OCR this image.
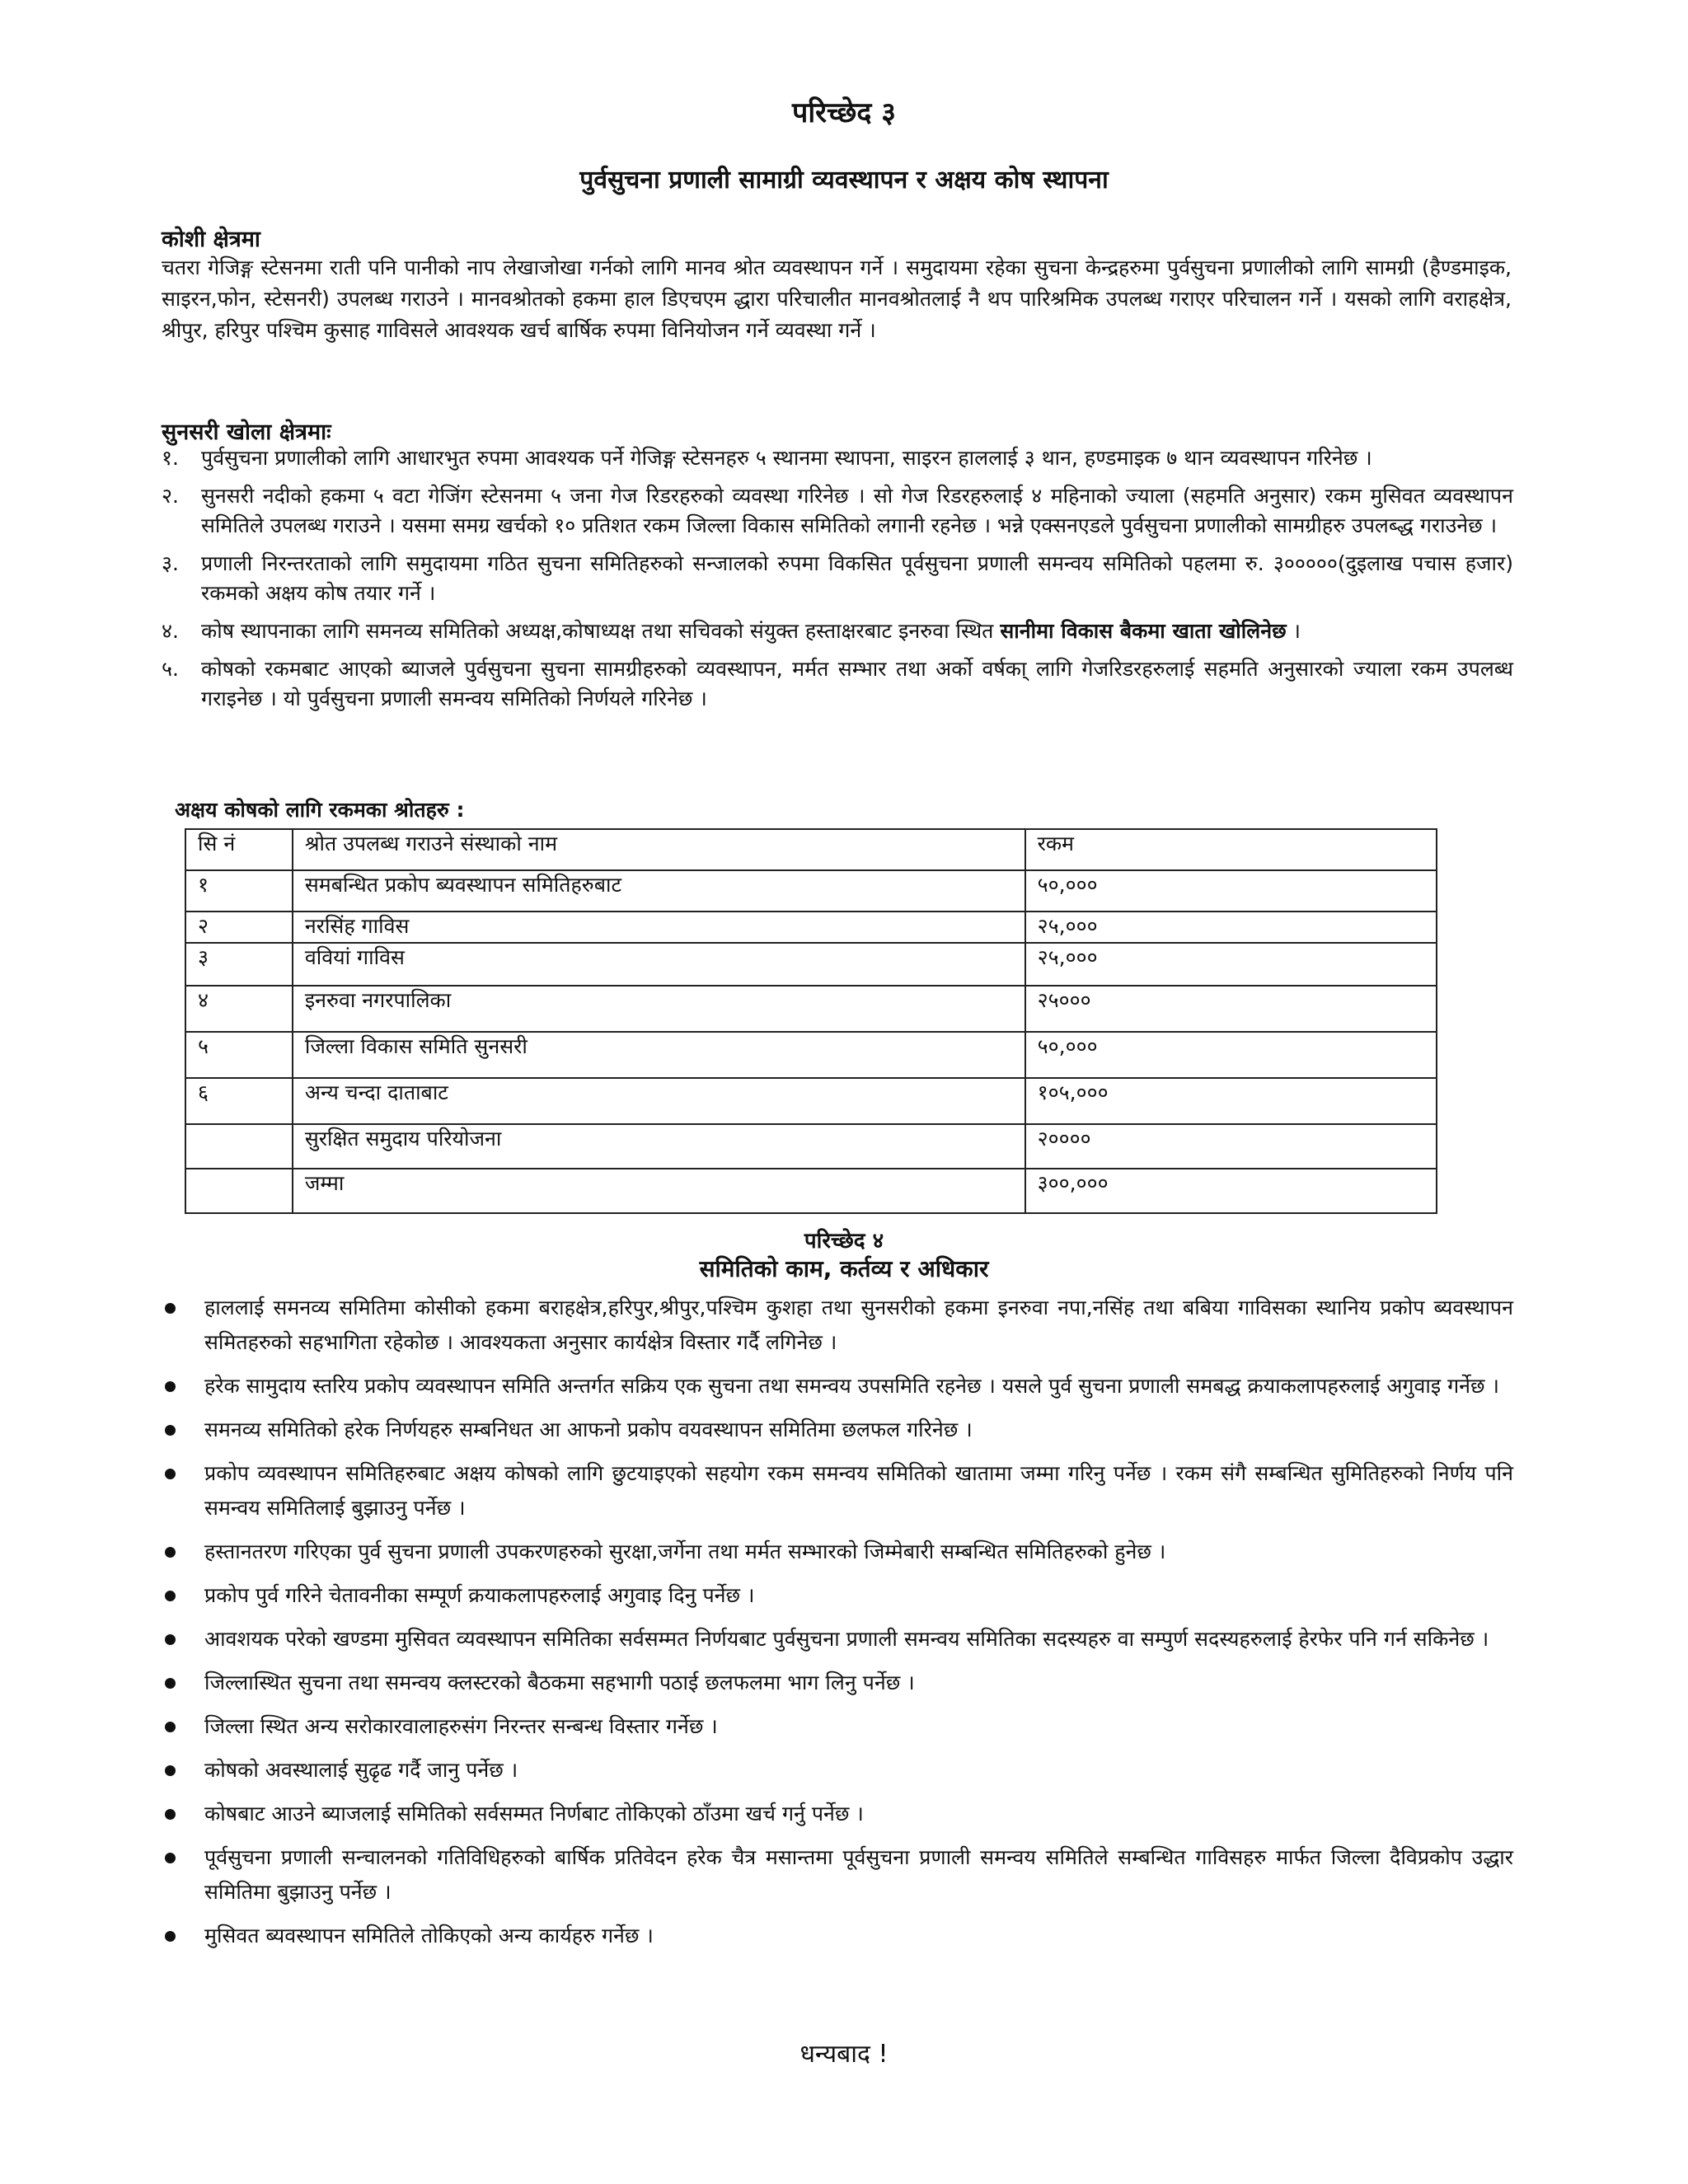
परिच्छेद ३
पुर्वसुचना प्रणाली सामाग्री व्यवस्थापन र अक्षय कोष स्थापना
कोशी क्षेत्रमा

चतरा गेजिङ्ग स्टेसनमा राती पनि पानीको नाप लेखाजोखा गर्नको लागि मानव श्रोत व्यवस्थापन गर्ने । समुदायमा रहेका सुचना केन्द्रहरुमा पुर्वसुचना प्रणालीको लागि सामग्री (हैण्डमाइक, साइरन,फोन, स्टेसनरी) उपलब्ध गराउने । मानवश्रोतको हकमा हाल डिएचएम द्धारा परिचालीत मानवश्रोतलाई नै थप पारिश्रमिक उपलब्ध गराएर परिचालन गर्ने । यसको लागि वराहक्षेत्र, श्रीपुर, हरिपुर पश्चिम कुसाह गाविसले आवश्यक खर्च बार्षिक रुपमा विनियोजन गर्ने व्यवस्था गर्ने ।

सुनसरी खोला क्षेत्रमाः
१. पुर्वसुचना प्रणालीको लागि आधारभुत रुपमा आवश्यक पर्ने गेजिङ्ग स्टेसनहरु ५ स्थानमा स्थापना, साइरन हाललाई ३ थान, हण्डमाइक ७ थान व्यवस्थापन गरिनेछ ।
२. सुनसरी नदीको हकमा ५ वटा गेजिंग स्टेसनमा ५ जना गेज रिडरहरुको व्यवस्था गरिनेछ । सो गेज रिडरहरुलाई ४ महिनाको ज्याला (सहमति अनुसार) रकम मुसिवत व्यवस्थापन समितिले उपलब्ध गराउने । यसमा समग्र खर्चको १० प्रतिशत रकम जिल्ला विकास समितिको लगानी रहनेछ । भन्ने एक्सनएडले पुर्वसुचना प्रणालीको सामग्रीहरु उपलब्द्ध गराउनेछ ।
३. प्रणाली निरन्तरताको लागि समुदायमा गठित सुचना समितिहरुको सन्जालको रुपमा विकसित पूर्वसुचना प्रणाली समन्वय समितिको पहलमा रु. ३०००००(दुइलाख पचास हजार) रकमको अक्षय कोष तयार गर्ने ।
४. कोष स्थापनाका लागि समनव्य समितिको अध्यक्ष,कोषाध्यक्ष तथा सचिवको संयुक्त हस्ताक्षरबाट इनरुवा स्थित सानीमा विकास बैकमा खाता खोलिनेछ ।
५. कोषको रकमबाट आएको ब्याजले पुर्वसुचना सुचना सामग्रीहरुको व्यवस्थापन, मर्मत सम्भार तथा अर्को वर्षका् लागि गेजरिडरहरुलाई सहमति अनुसारको ज्याला रकम उपलब्ध गराइनेछ । यो पुर्वसुचना प्रणाली समन्वय समितिको निर्णयले गरिनेछ ।
अक्षय कोषको लागि रकमका श्रोतहरु :
सि नं	श्रोत उपलब्ध गराउने संस्थाको नाम	रकम
१	समबन्धित प्रकोप ब्यवस्थापन समितिहरुबाट	५०,०००
२	नरसिंह गाविस	२५,०००
३	ववियां गाविस	२५,०००
४	इनरुवा नगरपालिका	२५०००
५	जिल्ला विकास समिति सुनसरी	५०,०००
६	अन्य चन्दा दाताबाट	१०५,०००
	सुरक्षित समुदाय परियोजना	२००००
	जम्मा	३००,०००
परिच्छेद ४
समितिको काम, कर्तव्य र अधिकार
हाललाई समनव्य समितिमा कोसीको हकमा बराहक्षेत्र,हरिपुर,श्रीपुर,पश्चिम कुशहा तथा सुनसरीको हकमा इनरुवा नपा,नसिंह तथा बबिया गाविसका स्थानिय प्रकोप ब्यवस्थापन समितहरुको सहभागिता रहेकोछ । आवश्यकता अनुसार कार्यक्षेत्र विस्तार गर्दै लगिनेछ ।
हरेक सामुदाय स्तरिय प्रकोप व्यवस्थापन समिति अन्तर्गत सक्रिय एक सुचना तथा समन्वय उपसमिति रहनेछ । यसले पुर्व सुचना प्रणाली समबद्ध क्रयाकलापहरुलाई अगुवाइ गर्नेछ ।
समनव्य समितिको हरेक निर्णयहरु सम्बनिधत आ आफनो प्रकोप वयवस्थापन समितिमा छलफल गरिनेछ ।
प्रकोप व्यवस्थापन समितिहरुबाट अक्षय कोषको लागि छुटयाइएको सहयोग रकम समन्वय समितिको खातामा जम्मा गरिनु पर्नेछ । रकम संगै सम्बन्धित सुमितिहरुको निर्णय पनि समन्वय समितिलाई बुझाउनु पर्नेछ ।
हस्तानतरण गरिएका पुर्व सुचना प्रणाली उपकरणहरुको सुरक्षा,जर्गेना तथा मर्मत सम्भारको जिम्मेबारी सम्बन्धित समितिहरुको हुनेछ ।
प्रकोप पुर्व गरिने चेतावनीका सम्पूर्ण क्रयाकलापहरुलाई अगुवाइ दिनु पर्नेछ ।
आवशयक परेको खण्डमा मुसिवत व्यवस्थापन समितिका सर्वसम्मत निर्णयबाट पुर्वसुचना प्रणाली समन्वय समितिका सदस्यहरु वा सम्पुर्ण सदस्यहरुलाई हेरफेर पनि गर्न सकिनेछ ।
जिल्लास्थित सुचना तथा समन्वय क्लस्टरको बैठकमा सहभागी पठाई छलफलमा भाग लिनु पर्नेछ ।
जिल्ला स्थित अन्य सरोकारवालाहरुसंग निरन्तर सन्बन्ध विस्तार गर्नेछ ।
कोषको अवस्थालाई सुढृढ गर्दै जानु पर्नेछ ।
कोषबाट आउने ब्याजलाई समितिको सर्वसम्मत निर्णबाट तोकिएको ठाँउमा खर्च गर्नु पर्नेछ ।
पूर्वसुचना प्रणाली सन्चालनको गतिविधिहरुको बार्षिक प्रतिवेदन हरेक चैत्र मसान्तमा पूर्वसुचना प्रणाली समन्वय समितिले सम्बन्धित गाविसहरु मार्फत जिल्ला दैविप्रकोप उद्धार समितिमा बुझाउनु पर्नेछ ।
मुसिवत ब्यवस्थापन समितिले तोकिएको अन्य कार्यहरु गर्नेछ ।
धन्यबाद !
